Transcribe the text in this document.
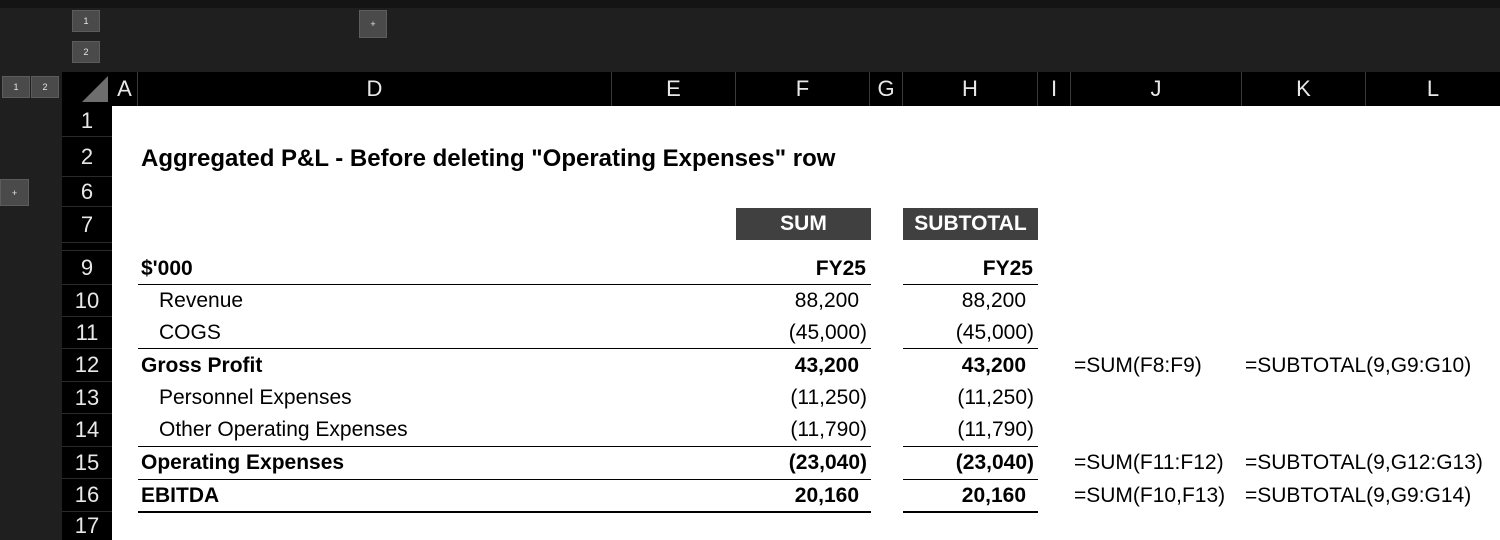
1
2
+
1	2	A	D	E	F	G	H	I	J	K	L
+
1
2
6
7
9
10
11
12
13
14
15
16
17
Aggregated P&L - Before deleting "Operating Expenses" row
SUM	SUBTOTAL
$'000	FY25	FY25
Revenue	88,200	88,200
COGS	(45,000)	(45,000)
Gross Profit	43,200	43,200 =SUM(F8:F9) =SUBTOTAL(9,G9:G10)
Personnel Expenses	(11,250)	(11,250)
Other Operating Expenses	(11,790)	(11,790)
Operating Expenses	(23,040)	(23,040) =SUM(F11:F12) =SUBTOTAL(9,G12:G13)
EBITDA	20,160	20,160 =SUM(F10,F13) =SUBTOTAL(9,G9:G14)
